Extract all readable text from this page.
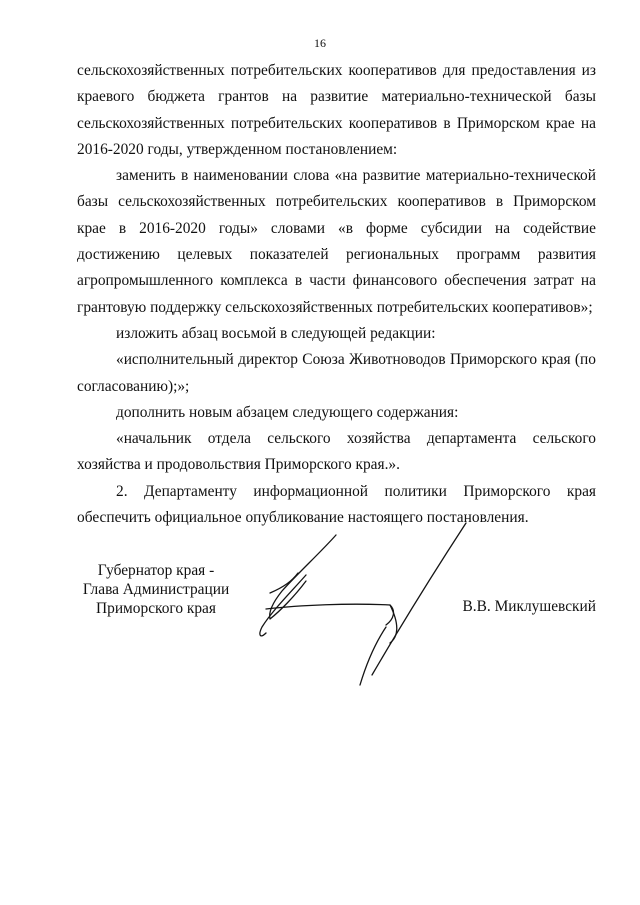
16

сельскохозяйственных потребительских кооперативов для предоставления из краевого бюджета грантов на развитие материально-технической базы сельскохозяйственных потребительских кооперативов в Приморском крае на 2016-2020 годы, утвержденном постановлением:

заменить в наименовании слова «на развитие материально-технической базы сельскохозяйственных потребительских кооперативов в Приморском крае в 2016-2020 годы» словами «в форме субсидии на содействие достижению целевых показателей региональных программ развития агропромышленного комплекса в части финансового обеспечения затрат на грантовую поддержку сельскохозяйственных потребительских кооперативов»;

изложить абзац восьмой в следующей редакции:

«исполнительный директор Союза Животноводов Приморского края (по согласованию);»;

дополнить новым абзацем следующего содержания:

«начальник отдела сельского хозяйства департамента сельского хозяйства и продовольствия Приморского края.».

2. Департаменту информационной политики Приморского края обеспечить официальное опубликование настоящего постановления.

Губернатор края -
Глава Администрации
Приморского края	В.В. Миклушевский
